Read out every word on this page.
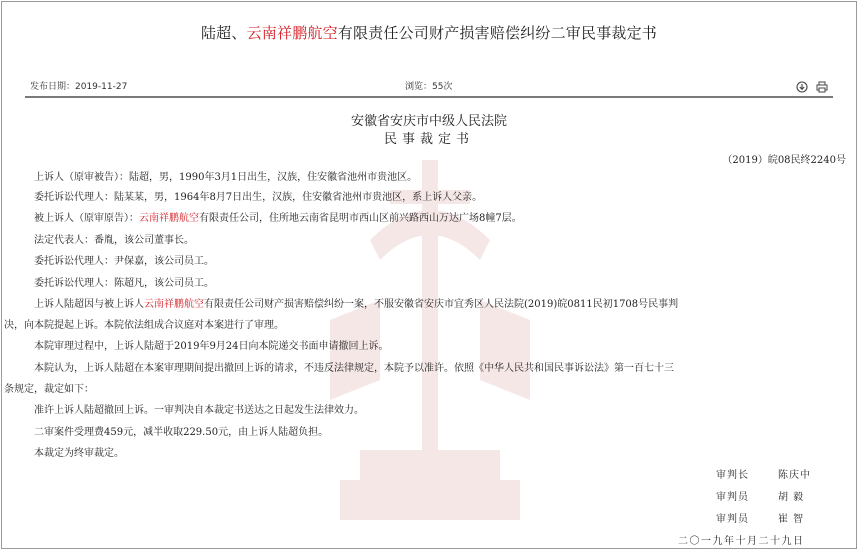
陆超、云南祥鹏航空有限责任公司财产损害赔偿纠纷二审民事裁定书
发布日期：2019-11-27	浏览：55次
安徽省安庆市中级人民法院
民事裁定书
（2019）皖08民终2240号
上诉人（原审被告）：陆超，男，1990年3月1日出生，汉族，住安徽省池州市贵池区。
委托诉讼代理人：陆某某，男，1964年8月7日出生，汉族，住安徽省池州市贵池区，系上诉人父亲。
被上诉人（原审原告）：云南祥鹏航空有限责任公司，住所地云南省昆明市西山区前兴路西山万达广场8幢7层。
法定代表人：番胤，该公司董事长。
委托诉讼代理人：尹保嘉，该公司员工。
委托诉讼代理人：陈超凡，该公司员工。
上诉人陆超因与被上诉人云南祥鹏航空有限责任公司财产损害赔偿纠纷一案，不服安徽省安庆市宜秀区人民法院(2019)皖0811民初1708号民事判
决，向本院提起上诉。本院依法组成合议庭对本案进行了审理。
本院审理过程中，上诉人陆超于2019年9月24日向本院递交书面申请撤回上诉。
本院认为，上诉人陆超在本案审理期间提出撤回上诉的请求，不违反法律规定，本院予以准许。依照《中华人民共和国民事诉讼法》第一百七十三
条规定，裁定如下：
准许上诉人陆超撤回上诉。一审判决自本裁定书送达之日起发生法律效力。
二审案件受理费459元，减半收取229.50元，由上诉人陆超负担。
本裁定为终审裁定。
审判长	陈庆中
审判员	胡 毅
审判员	崔 智
二〇一九年十月二十九日
